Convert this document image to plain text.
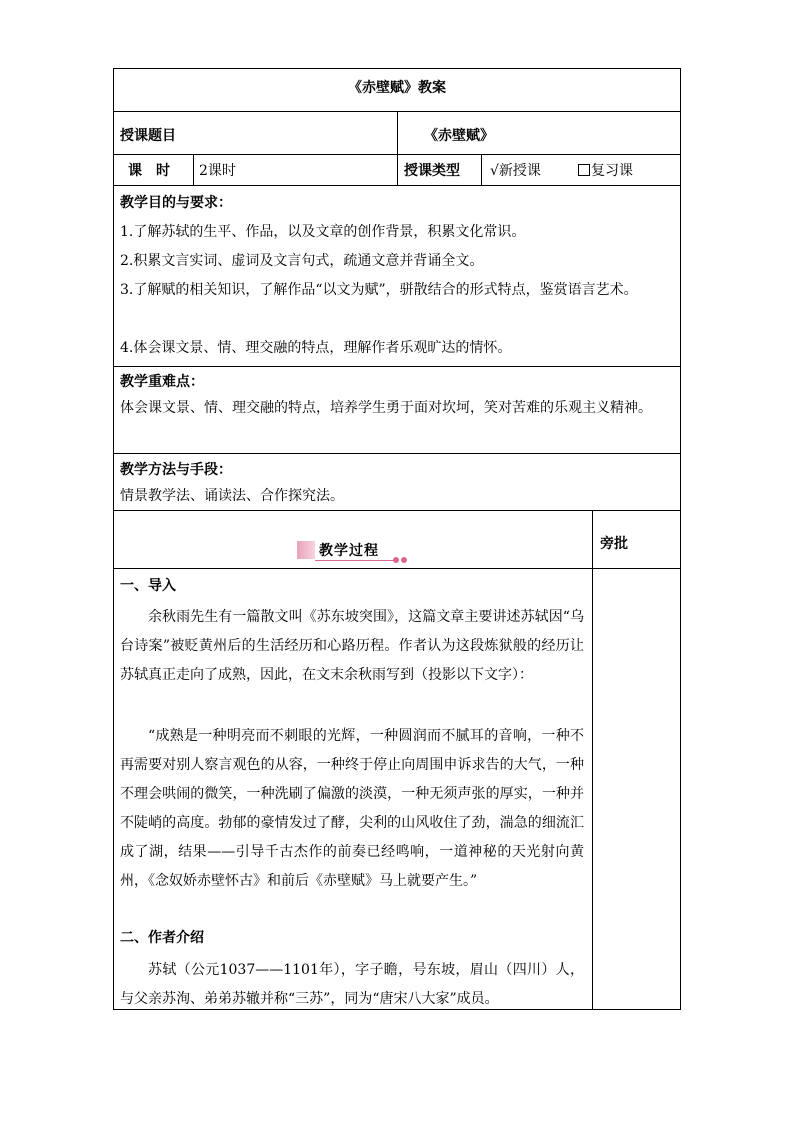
《赤壁赋》教案
授课题目	《赤壁赋》
课　时 2课时	授课类型 √新授课	复习课
教学目的与要求：
1.了解苏轼的生平、作品，以及文章的创作背景，积累文化常识。
2.积累文言实词、虚词及文言句式，疏通文意并背诵全文。
3.了解赋的相关知识，了解作品“以文为赋”，骈散结合的形式特点，鉴赏语言艺术。
4.体会课文景、情、理交融的特点，理解作者乐观旷达的情怀。
教学重难点：
体会课文景、情、理交融的特点，培养学生勇于面对坎坷，笑对苦难的乐观主义精神。
教学方法与手段：
情景教学法、诵读法、合作探究法。
教学过程	旁批
一、导入
余秋雨先生有一篇散文叫《苏东坡突围》，这篇文章主要讲述苏轼因“乌台诗案”被贬黄州后的生活经历和心路历程。作者认为这段炼狱般的经历让苏轼真正走向了成熟，因此，在文末余秋雨写到（投影以下文字）：
“成熟是一种明亮而不刺眼的光辉，一种圆润而不腻耳的音响，一种不再需要对别人察言观色的从容，一种终于停止向周围申诉求告的大气，一种不理会哄闹的微笑，一种洗刷了偏激的淡漠，一种无须声张的厚实，一种并不陡峭的高度。勃郁的豪情发过了酵，尖利的山风收住了劲，湍急的细流汇成了湖，结果——引导千古杰作的前奏已经鸣响，一道神秘的天光射向黄州，《念奴娇赤壁怀古》和前后《赤壁赋》马上就要产生。”
二、作者介绍
苏轼（公元1037——1101年），字子瞻，号东坡，眉山（四川）人，与父亲苏洵、弟弟苏辙并称“三苏”，同为“唐宋八大家”成员。
